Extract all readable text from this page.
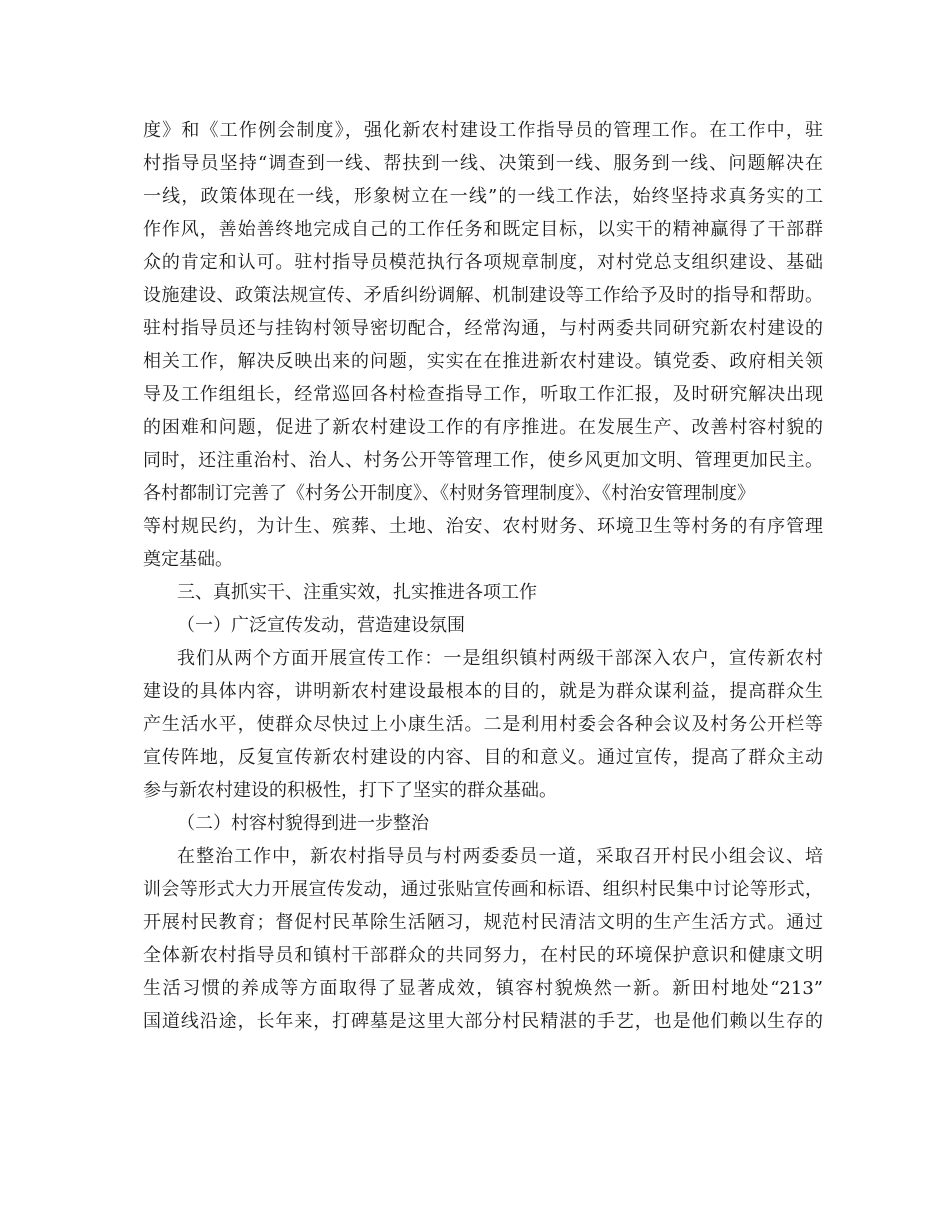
度》和《工作例会制度》，强化新农村建设工作指导员的管理工作。在工作中，驻
村指导员坚持“调查到一线、帮扶到一线、决策到一线、服务到一线、问题解决在
一线，政策体现在一线，形象树立在一线”的一线工作法，始终坚持求真务实的工
作作风，善始善终地完成自己的工作任务和既定目标，以实干的精神赢得了干部群
众的肯定和认可。驻村指导员模范执行各项规章制度，对村党总支组织建设、基础
设施建设、政策法规宣传、矛盾纠纷调解、机制建设等工作给予及时的指导和帮助。
驻村指导员还与挂钩村领导密切配合，经常沟通，与村两委共同研究新农村建设的
相关工作，解决反映出来的问题，实实在在推进新农村建设。镇党委、政府相关领
导及工作组组长，经常巡回各村检查指导工作，听取工作汇报，及时研究解决出现
的困难和问题，促进了新农村建设工作的有序推进。在发展生产、改善村容村貌的
同时，还注重治村、治人、村务公开等管理工作，使乡风更加文明、管理更加民主。
各村都制订完善了《村务公开制度》、《村财务管理制度》、《村治安管理制度》
等村规民约，为计生、殡葬、土地、治安、农村财务、环境卫生等村务的有序管理
奠定基础。
三、真抓实干、注重实效，扎实推进各项工作
（一）广泛宣传发动，营造建设氛围
我们从两个方面开展宣传工作：一是组织镇村两级干部深入农户，宣传新农村
建设的具体内容，讲明新农村建设最根本的目的，就是为群众谋利益，提高群众生
产生活水平，使群众尽快过上小康生活。二是利用村委会各种会议及村务公开栏等
宣传阵地，反复宣传新农村建设的内容、目的和意义。通过宣传，提高了群众主动
参与新农村建设的积极性，打下了坚实的群众基础。
（二）村容村貌得到进一步整治
在整治工作中，新农村指导员与村两委委员一道，采取召开村民小组会议、培
训会等形式大力开展宣传发动，通过张贴宣传画和标语、组织村民集中讨论等形式，
开展村民教育；督促村民革除生活陋习，规范村民清洁文明的生产生活方式。通过
全体新农村指导员和镇村干部群众的共同努力，在村民的环境保护意识和健康文明
生活习惯的养成等方面取得了显著成效，镇容村貌焕然一新。新田村地处“213”
国道线沿途，长年来，打碑墓是这里大部分村民精湛的手艺，也是他们赖以生存的
